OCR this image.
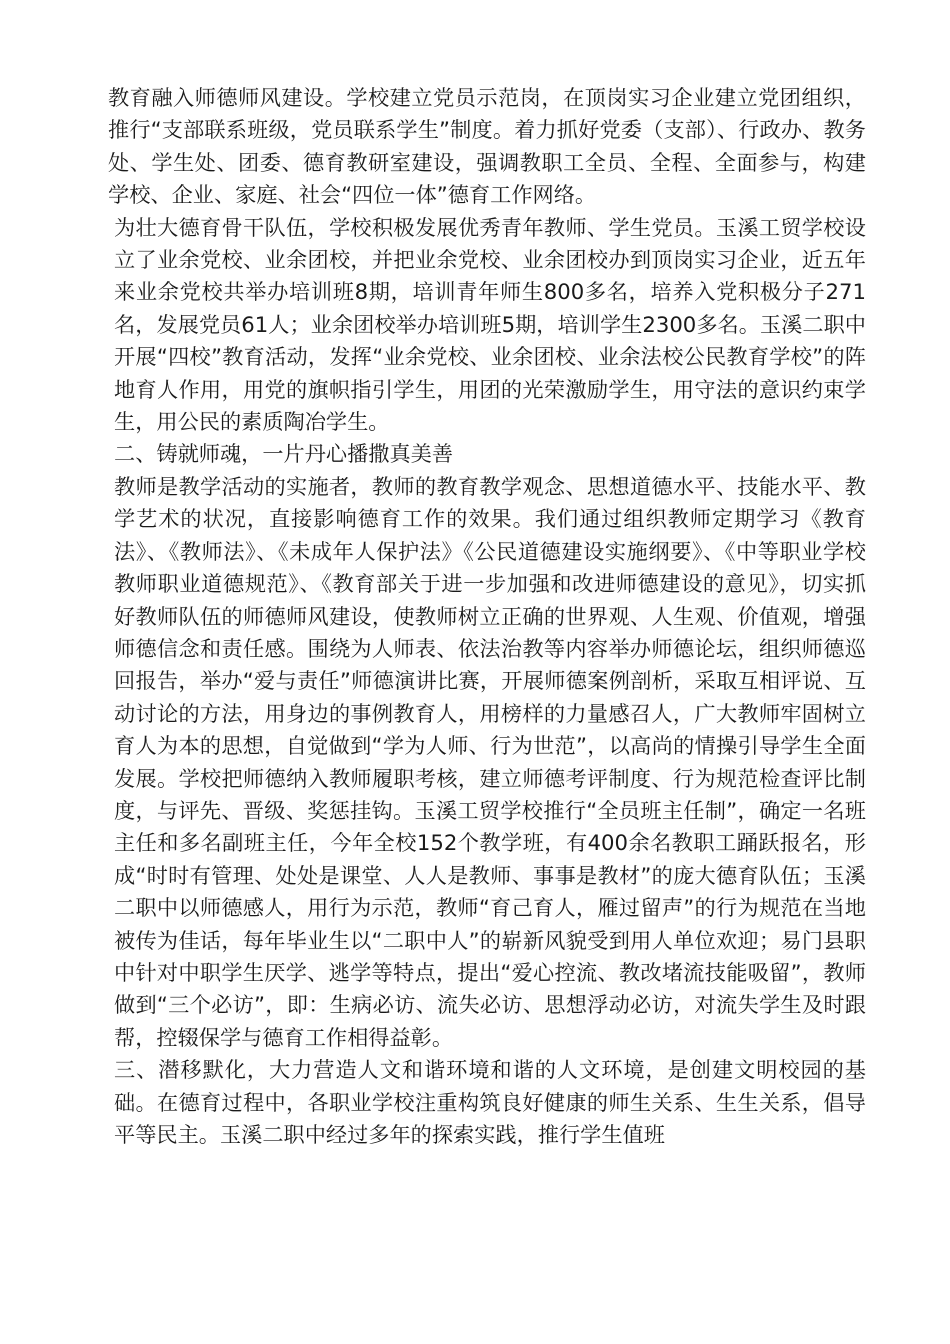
教育融入师德师风建设。学校建立党员示范岗，在顶岗实习企业建立党团组织，推行“支部联系班级，党员联系学生”制度。着力抓好党委（支部）、行政办、教务处、学生处、团委、德育教研室建设，强调教职工全员、全程、全面参与，构建学校、企业、家庭、社会“四位一体”德育工作网络。

为壮大德育骨干队伍，学校积极发展优秀青年教师、学生党员。玉溪工贸学校设立了业余党校、业余团校，并把业余党校、业余团校办到顶岗实习企业，近五年来业余党校共举办培训班8期，培训青年师生800多名，培养入党积极分子271名，发展党员61人；业余团校举办培训班5期，培训学生2300多名。玉溪二职中开展“四校”教育活动，发挥“业余党校、业余团校、业余法校公民教育学校”的阵地育人作用，用党的旗帜指引学生，用团的光荣激励学生，用守法的意识约束学生，用公民的素质陶冶学生。

二、铸就师魂，一片丹心播撒真美善

教师是教学活动的实施者，教师的教育教学观念、思想道德水平、技能水平、教学艺术的状况，直接影响德育工作的效果。我们通过组织教师定期学习《教育法》、《教师法》、《未成年人保护法》《公民道德建设实施纲要》、《中等职业学校教师职业道德规范》、《教育部关于进一步加强和改进师德建设的意见》，切实抓好教师队伍的师德师风建设，使教师树立正确的世界观、人生观、价值观，增强师德信念和责任感。围绕为人师表、依法治教等内容举办师德论坛，组织师德巡回报告，举办“爱与责任”师德演讲比赛，开展师德案例剖析，采取互相评说、互动讨论的方法，用身边的事例教育人，用榜样的力量感召人，广大教师牢固树立育人为本的思想，自觉做到“学为人师、行为世范”，以高尚的情操引导学生全面发展。学校把师德纳入教师履职考核，建立师德考评制度、行为规范检查评比制度，与评先、晋级、奖惩挂钩。玉溪工贸学校推行“全员班主任制”，确定一名班主任和多名副班主任，今年全校152个教学班，有400余名教职工踊跃报名，形成“时时有管理、处处是课堂、人人是教师、事事是教材”的庞大德育队伍；玉溪二职中以师德感人，用行为示范，教师“育己育人，雁过留声”的行为规范在当地被传为佳话，每年毕业生以“二职中人”的崭新风貌受到用人单位欢迎；易门县职中针对中职学生厌学、逃学等特点，提出“爱心控流、教改堵流技能吸留”，教师做到“三个必访”，即：生病必访、流失必访、思想浮动必访，对流失学生及时跟帮，控辍保学与德育工作相得益彰。

三、潜移默化，大力营造人文和谐环境和谐的人文环境，是创建文明校园的基础。在德育过程中，各职业学校注重构筑良好健康的师生关系、生生关系，倡导平等民主。玉溪二职中经过多年的探索实践，推行学生值班
